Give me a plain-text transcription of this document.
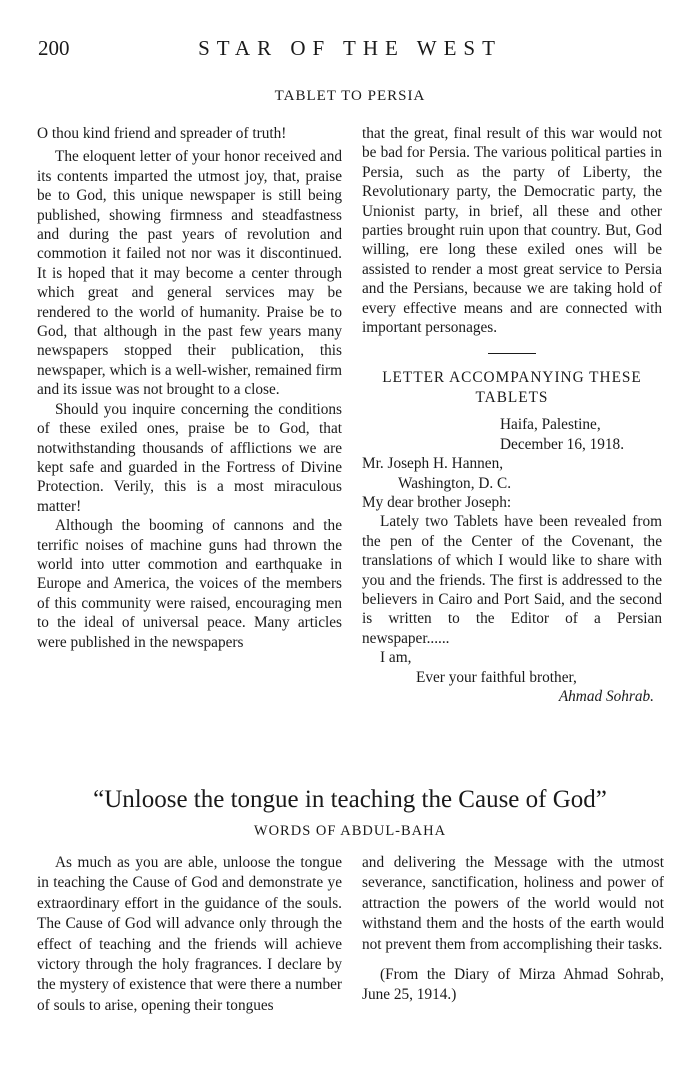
200	STAR OF THE WEST
TABLET TO PERSIA

O thou kind friend and spreader of truth!

The eloquent letter of your honor received and its contents imparted the utmost joy, that, praise be to God, this unique newspaper is still being published, showing firmness and steadfastness and during the past years of revolution and commotion it failed not nor was it discontinued. It is hoped that it may become a center through which great and general services may be rendered to the world of humanity. Praise be to God, that although in the past few years many newspapers stopped their publication, this newspaper, which is a well-wisher, remained firm and its issue was not brought to a close.

Should you inquire concerning the conditions of these exiled ones, praise be to God, that notwithstanding thousands of afflictions we are kept safe and guarded in the Fortress of Divine Protection. Verily, this is a most miraculous matter!

Although the booming of cannons and the terrific noises of machine guns had thrown the world into utter commotion and earthquake in Europe and America, the voices of the members of this community were raised, encouraging men to the ideal of universal peace. Many articles were published in the newspapers

that the great, final result of this war would not be bad for Persia. The various political parties in Persia, such as the party of Liberty, the Revolutionary party, the Democratic party, the Unionist party, in brief, all these and other parties brought ruin upon that country. But, God willing, ere long these exiled ones will be assisted to render a most great service to Persia and the Persians, because we are taking hold of every effective means and are connected with important personages.

LETTER ACCOMPANYING THESE TABLETS
Haifa, Palestine,
December 16, 1918.
Mr. Joseph H. Hannen,
Washington, D. C.
My dear brother Joseph:

Lately two Tablets have been revealed from the pen of the Center of the Covenant, the translations of which I would like to share with you and the friends. The first is addressed to the believers in Cairo and Port Said, and the second is written to the Editor of a Persian newspaper......

I am,
Ever your faithful brother,
Ahmad Sohrab.
“Unloose the tongue in teaching the Cause of God”
WORDS OF ABDUL-BAHA

As much as you are able, unloose the tongue in teaching the Cause of God and demonstrate ye extraordinary effort in the guidance of the souls. The Cause of God will advance only through the effect of teaching and the friends will achieve victory through the holy fragrances. I declare by the mystery of existence that were there a number of souls to arise, opening their tongues

and delivering the Message with the utmost severance, sanctification, holiness and power of attraction the powers of the world would not withstand them and the hosts of the earth would not prevent them from accomplishing their tasks.

(From the Diary of Mirza Ahmad Sohrab, June 25, 1914.)
